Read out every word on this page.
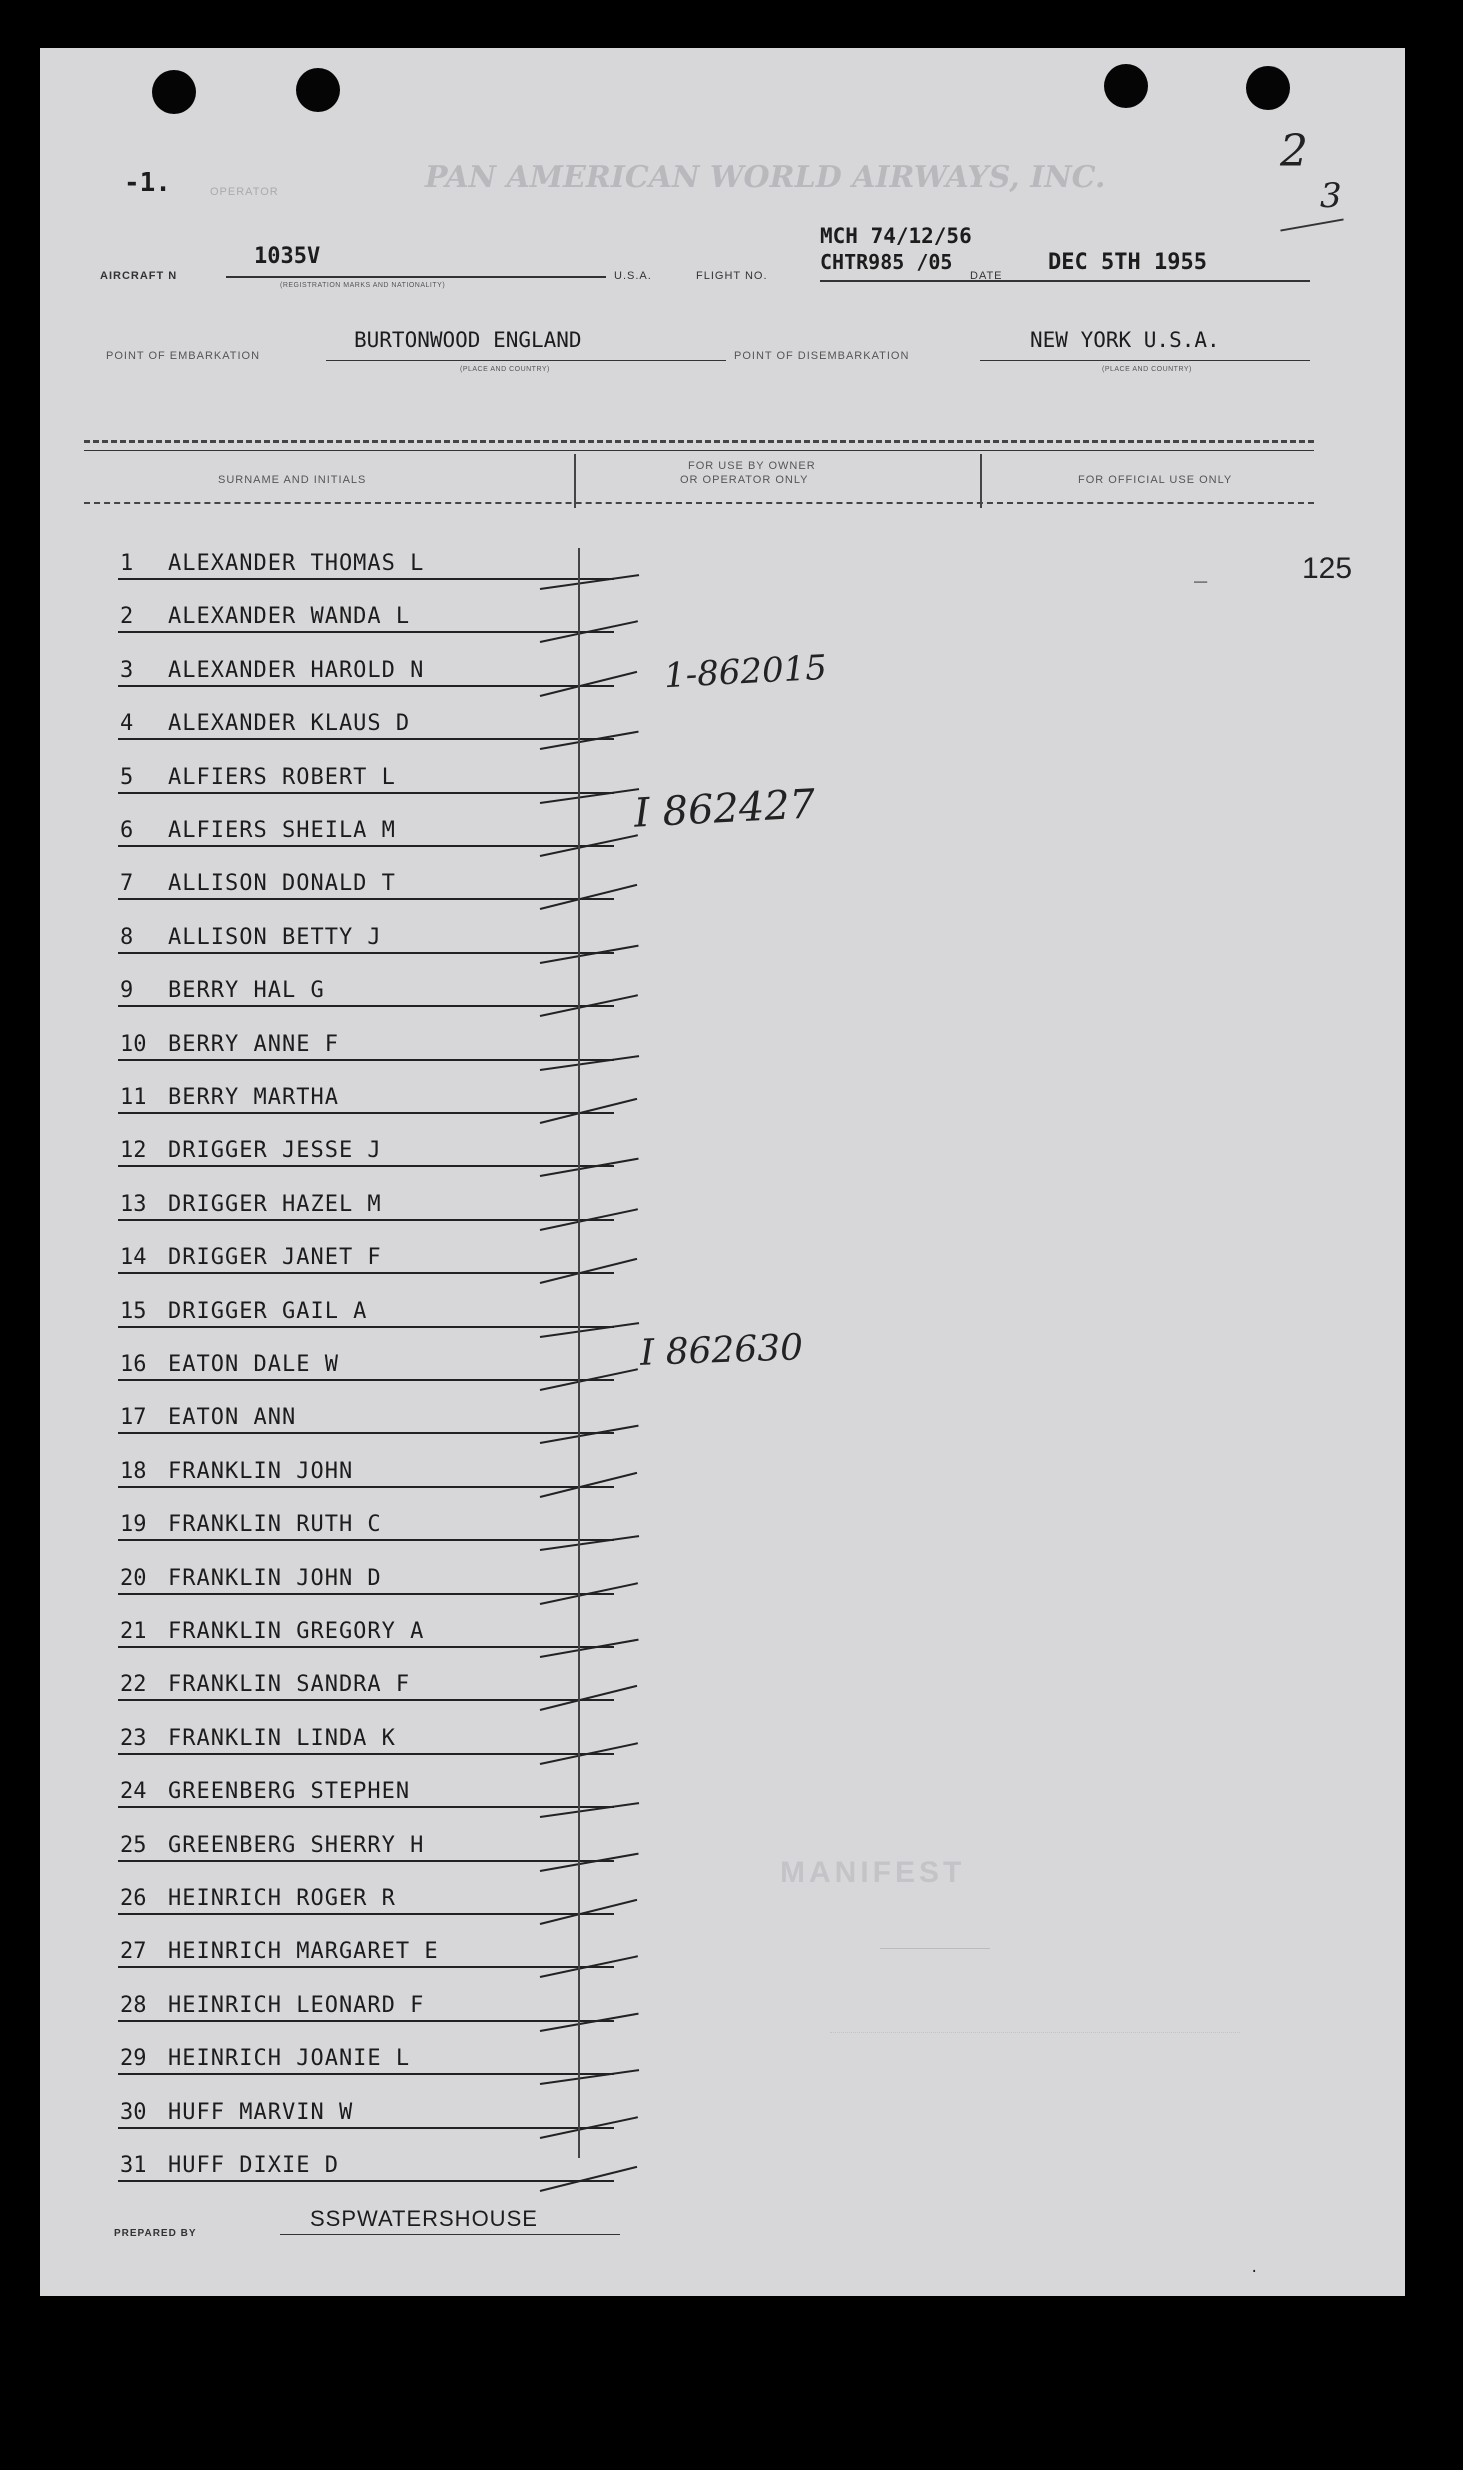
-1.	OPERATOR	PAN AMERICAN WORLD AIRWAYS, INC.
2
3
AIRCRAFT N
1035V
(REGISTRATION MARKS AND NATIONALITY)
U.S.A.	FLIGHT NO.
MCH 74/12/56
CHTR985 /05
DATE
DEC 5TH 1955
POINT OF EMBARKATION
BURTONWOOD ENGLAND
(PLACE AND COUNTRY)
POINT OF DISEMBARKATION
NEW YORK U.S.A.
(PLACE AND COUNTRY)
SURNAME AND INITIALS
FOR USE BY OWNER
OR OPERATOR ONLY	FOR OFFICIAL USE ONLY
1	ALEXANDER THOMAS L
2	ALEXANDER WANDA L
3	ALEXANDER HAROLD N
4	ALEXANDER KLAUS D
5	ALFIERS ROBERT L
6	ALFIERS SHEILA M
7	ALLISON DONALD T
8	ALLISON BETTY J
9	BERRY HAL G
10 BERRY ANNE F
11 BERRY MARTHA
12 DRIGGER JESSE J
13 DRIGGER HAZEL M
14 DRIGGER JANET F
15 DRIGGER GAIL A
16 EATON DALE W
17 EATON ANN
18 FRANKLIN JOHN
19 FRANKLIN RUTH C
20 FRANKLIN JOHN D
21 FRANKLIN GREGORY A
22 FRANKLIN SANDRA F
23 FRANKLIN LINDA K
24 GREENBERG STEPHEN
25 GREENBERG SHERRY H
26 HEINRICH ROGER R
27 HEINRICH MARGARET E
28 HEINRICH LEONARD F
29 HEINRICH JOANIE L
30 HUFF MARVIN W
31 HUFF DIXIE D
_	125
1-862015
I 862427
I 862630
MANIFEST
PREPARED BY
SSPWATERSHOUSE
.
